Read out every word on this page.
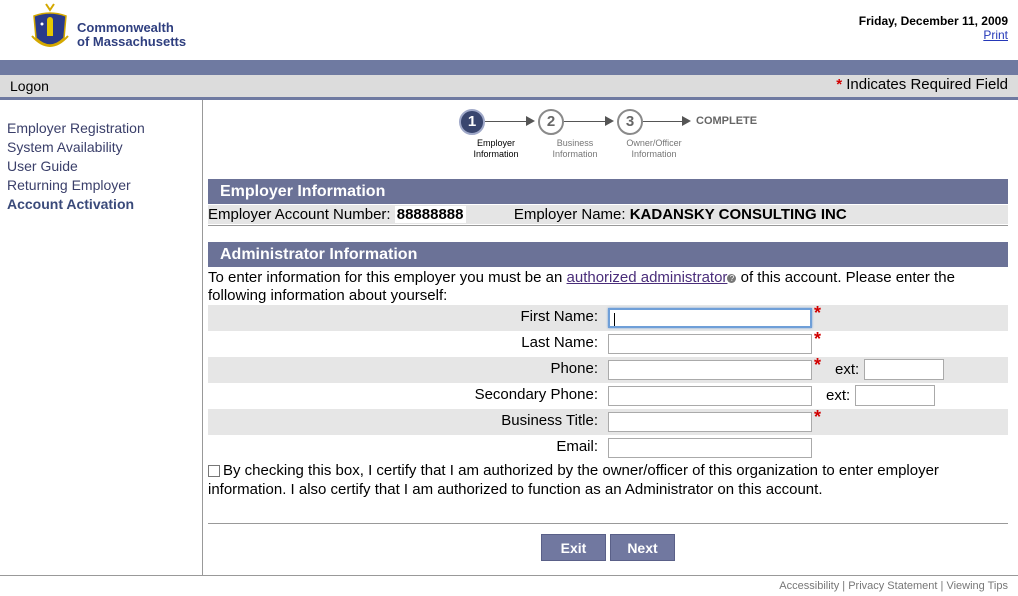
Commonwealth
of Massachusetts
Friday, December 11, 2009
Print
Logon	* Indicates Required Field
Employer Registration
System Availability
User Guide
Returning Employer
Account Activation
1	2	3	COMPLETE
Employer
Information
Business
Information
Owner/Officer
Information
Employer Information
Employer Account Number: 88888888	Employer Name: KADANSKY CONSULTING INC
Administrator Information
To enter information for this employer you must be an authorized administrator ? of this account. Please enter the following information about yourself:
First Name:	*
Last Name:	*
Phone:	* ext:
Secondary Phone:	ext:
Business Title:	*
Email:
By checking this box, I certify that I am authorized by the owner/officer of this organization to enter employer information. I also certify that I am authorized to function as an Administrator on this account.
Exit	Next
Accessibility | Privacy Statement | Viewing Tips
